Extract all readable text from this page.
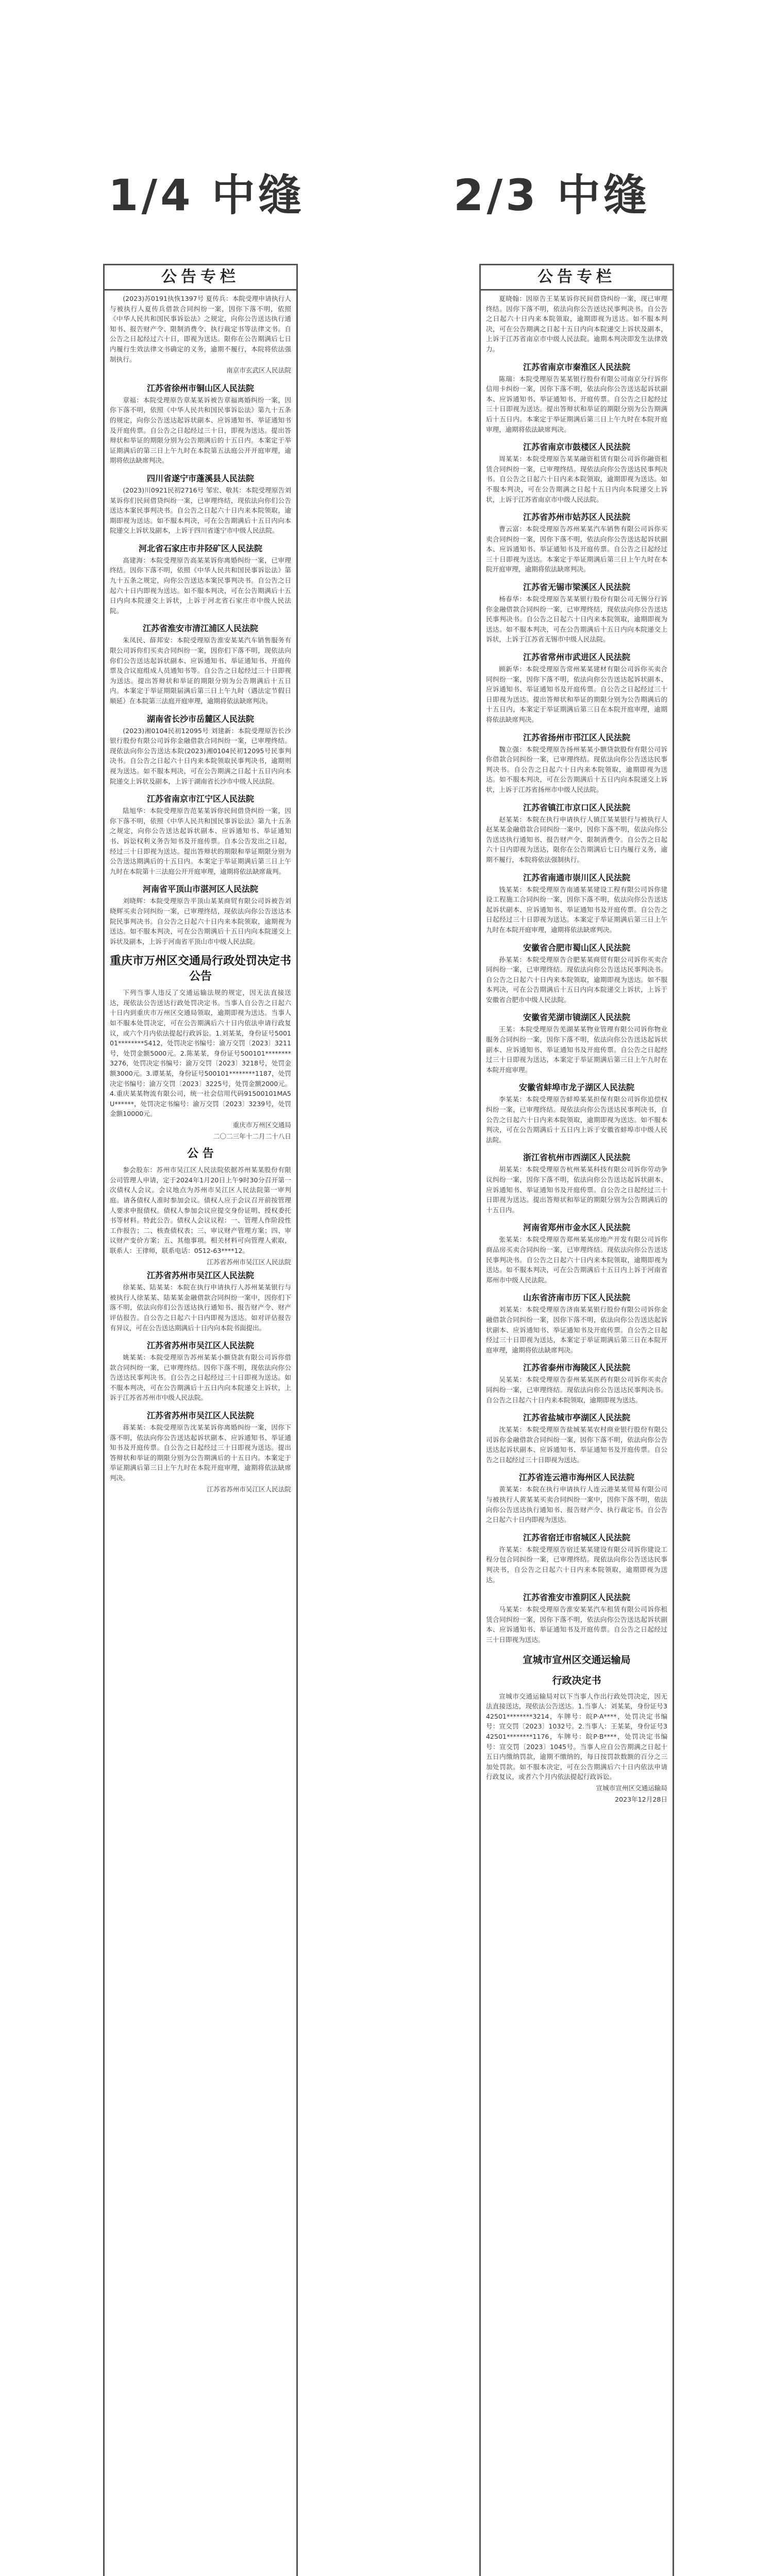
1/4 中缝	2/3 中缝
公告专栏

(2023)苏0191执恢1397号 夏传兵：本院受理申请执行人与被执行人夏传兵借款合同纠纷一案，因你下落不明，依照《中华人民共和国民事诉讼法》之规定，向你公告送达执行通知书、报告财产令、限制消费令、执行裁定书等法律文书。自公告之日起经过六十日，即视为送达。限你在公告期满后七日内履行生效法律文书确定的义务，逾期不履行，本院将依法强制执行。

南京市玄武区人民法院
江苏省徐州市铜山区人民法院

章福：本院受理原告章某某诉被告章福离婚纠纷一案，因你下落不明，依照《中华人民共和国民事诉讼法》第九十五条的规定，向你公告送达起诉状副本、应诉通知书、举证通知书及开庭传票。自公告之日起经过三十日，即视为送达。提出答辩状和举证的期限分别为公告期满后的十五日内。本案定于举证期满后的第三日上午九时在本院第五法庭公开开庭审理，逾期将依法缺席判决。

四川省遂宁市蓬溪县人民法院

(2023)川0921民初2716号 邹宏、敬其：本院受理原告刘某诉你们民间借贷纠纷一案，已审理终结，现依法向你们公告送达本案民事判决书。自公告之日起六十日内来本院领取，逾期即视为送达。如不服本判决，可在公告期满后十五日内向本院递交上诉状及副本，上诉于四川省遂宁市中级人民法院。

河北省石家庄市井陉矿区人民法院

高建海：本院受理原告高某某诉你离婚纠纷一案，已审理终结。因你下落不明，依照《中华人民共和国民事诉讼法》第九十五条之规定，向你公告送达本案民事判决书。自公告之日起六十日内即视为送达。如不服本判决，可在公告期满后十五日内向本院递交上诉状，上诉于河北省石家庄市中级人民法院。

江苏省淮安市清江浦区人民法院

朱凤民、薛邦安：本院受理原告淮安某某汽车销售服务有限公司诉你们买卖合同纠纷一案，因你们下落不明，现依法向你们公告送达起诉状副本、应诉通知书、举证通知书、开庭传票及合议庭组成人员通知书等。自公告之日起经过三十日即视为送达。提出答辩状和举证的期限分别为公告期满后十五日内。本案定于举证期限届满后第三日上午九时（遇法定节假日顺延）在本院第三法庭开庭审理，逾期将依法缺席判决。

湖南省长沙市岳麓区人民法院

(2023)湘0104民初12095号 刘建新：本院受理原告长沙银行股份有限公司诉你金融借款合同纠纷一案，已审理终结。现依法向你公告送达本院(2023)湘0104民初12095号民事判决书。自公告之日起六十日内来本院领取民事判决书，逾期则视为送达。如不服本判决，可在公告期满之日起十五日内向本院递交上诉状及副本，上诉于湖南省长沙市中级人民法院。

江苏省南京市江宁区人民法院

陆旭华：本院受理原告范某某诉你民间借贷纠纷一案，因你下落不明，依照《中华人民共和国民事诉讼法》第九十五条之规定，向你公告送达起诉状副本、应诉通知书、举证通知书、诉讼权利义务告知书及开庭传票。自本公告发出之日起，经过三十日即视为送达。提出答辩状的期限和举证期限分别为公告送达期满后的十五日内。本案定于举证期满后第三日上午九时在本院第十三法庭公开开庭审理，逾期将依法缺席裁判。

河南省平顶山市湛河区人民法院

刘晓辉：本院受理原告平顶山某某商贸有限公司诉被告刘晓辉买卖合同纠纷一案，已审理终结，现依法向你公告送达本院民事判决书。自公告之日起六十日内来本院领取，逾期视为送达。如不服本判决，可在公告期满后十五日内向本院递交上诉状及副本，上诉于河南省平顶山市中级人民法院。

重庆市万州区交通局行政处罚决定书公告

下列当事人违反了交通运输法规的规定，因无法直接送达，现依法公告送达行政处罚决定书。当事人自公告之日起六十日内到重庆市万州区交通局领取，逾期即视为送达。当事人如不服本处罚决定，可在公告期满后六十日内依法申请行政复议，或六个月内依法提起行政诉讼。1.刘某某，身份证号500101********5412，处罚决定书编号：渝万交罚〔2023〕3211号，处罚金额5000元。2.陈某某，身份证号500101********3276，处罚决定书编号：渝万交罚〔2023〕3218号，处罚金额3000元。3.谭某某，身份证号500101********1187，处罚决定书编号：渝万交罚〔2023〕3225号，处罚金额2000元。4.重庆某某物流有限公司，统一社会信用代码91500101MA5U******，处罚决定书编号：渝万交罚〔2023〕3239号，处罚金额10000元。

重庆市万州区交通局
二〇二三年十二月二十八日
公 告

参会股东：苏州市吴江区人民法院依据苏州某某股份有限公司管理人申请，定于2024年1月20日上午9时30分召开第一次债权人会议。会议地点为苏州市吴江区人民法院第一审判庭。请各债权人准时参加会议。债权人应于会议召开前按管理人要求申报债权。债权人参加会议应提交身份证明、授权委托书等材料。特此公告。债权人会议议程：一、管理人作阶段性工作报告；二、核查债权表；三、审议财产管理方案；四、审议财产变价方案；五、其他事项。相关材料可向管理人索取，联系人：王律师，联系电话：0512-63****12。

江苏省苏州市吴江区人民法院
江苏省苏州市吴江区人民法院

徐某某、陆某某：本院在执行申请执行人苏州某某银行与被执行人徐某某、陆某某金融借款合同纠纷一案中，因你们下落不明，依法向你们公告送达执行通知书、报告财产令、财产评估报告。自公告之日起六十日内即视为送达。如对评估报告有异议，可在公告送达期满后十日内向本院书面提出。

江苏省苏州市吴江区人民法院

姚某某：本院受理原告苏州某某小额贷款有限公司诉你借款合同纠纷一案，已审理终结。因你下落不明，现依法向你公告送达民事判决书。自公告之日起经过三十日即视为送达。如不服本判决，可在公告期满后十五日内向本院递交上诉状，上诉于江苏省苏州市中级人民法院。

江苏省苏州市吴江区人民法院

蒋某某：本院受理原告沈某某诉你离婚纠纷一案，因你下落不明，依法向你公告送达起诉状副本、应诉通知书、举证通知书及开庭传票。自公告之日起经过三十日即视为送达。提出答辩状和举证的期限分别为公告期满后的十五日内。本案定于举证期满后第三日上午九时在本院开庭审理，逾期将依法缺席判决。

江苏省苏州市吴江区人民法院
公告专栏

夏晓翰：因原告王某某诉你民间借贷纠纷一案，现已审理终结。因你下落不明，依法向你公告送达民事判决书。自公告之日起六十日内来本院领取，逾期即视为送达。如不服本判决，可在公告期满之日起十五日内向本院递交上诉状及副本，上诉于江苏省南京市中级人民法院。逾期本判决即发生法律效力。

江苏省南京市秦淮区人民法院

陈瑞：本院受理原告某某银行股份有限公司南京分行诉你信用卡纠纷一案，因你下落不明，依法向你公告送达起诉状副本、应诉通知书、举证通知书、开庭传票。自公告之日起经过三十日即视为送达。提出答辩状和举证的期限分别为公告期满后十五日内。本案定于举证期满后第三日上午九时在本院开庭审理，逾期将依法缺席判决。

江苏省南京市鼓楼区人民法院

周某某：本院受理原告某某融资租赁有限公司诉你融资租赁合同纠纷一案，已审理终结。现依法向你公告送达民事判决书。自公告之日起六十日内来本院领取，逾期即视为送达。如不服本判决，可在公告期满之日起十五日内向本院递交上诉状，上诉于江苏省南京市中级人民法院。

江苏省苏州市姑苏区人民法院

曹云富：本院受理原告苏州某某汽车销售有限公司诉你买卖合同纠纷一案，因你下落不明，依法向你公告送达起诉状副本、应诉通知书、举证通知书及开庭传票。自公告之日起经过三十日即视为送达。本案定于举证期满后第三日上午九时在本院开庭审理，逾期将依法缺席判决。

江苏省无锡市梁溪区人民法院

杨春华：本院受理原告某某银行股份有限公司无锡分行诉你金融借款合同纠纷一案，已审理终结，现依法向你公告送达民事判决书。自公告之日起六十日内来本院领取，逾期即视为送达。如不服本判决，可在公告期满后十五日内向本院递交上诉状，上诉于江苏省无锡市中级人民法院。

江苏省常州市武进区人民法院

顾新华：本院受理原告常州某某建材有限公司诉你买卖合同纠纷一案，因你下落不明，依法向你公告送达起诉状副本、应诉通知书、举证通知书及开庭传票。自公告之日起经过三十日即视为送达。提出答辩状和举证的期限分别为公告期满后的十五日内，本案定于举证期满后第三日在本院开庭审理，逾期将依法缺席判决。

江苏省扬州市邗江区人民法院

魏立强：本院受理原告扬州某某小额贷款股份有限公司诉你借款合同纠纷一案，已审理终结。现依法向你公告送达民事判决书。自公告之日起六十日内来本院领取，逾期即视为送达。如不服本判决，可在公告期满后十五日内向本院递交上诉状，上诉于江苏省扬州市中级人民法院。

江苏省镇江市京口区人民法院

赵某某：本院在执行申请执行人镇江某某银行与被执行人赵某某金融借款合同纠纷一案中，因你下落不明，依法向你公告送达执行通知书、报告财产令、限制消费令。自公告之日起六十日内即视为送达，限你在公告期满后七日内履行义务，逾期不履行，本院将依法强制执行。

江苏省南通市崇川区人民法院

钱某某：本院受理原告南通某某建设工程有限公司诉你建设工程施工合同纠纷一案，因你下落不明，依法向你公告送达起诉状副本、应诉通知书、举证通知书及开庭传票。自公告之日起经过三十日即视为送达。本案定于举证期满后第三日上午九时在本院开庭审理，逾期将依法缺席判决。

安徽省合肥市蜀山区人民法院

孙某某：本院受理原告合肥某某商贸有限公司诉你买卖合同纠纷一案，已审理终结。现依法向你公告送达民事判决书。自公告之日起六十日内来本院领取，逾期即视为送达。如不服本判决，可在公告期满后十五日内向本院递交上诉状，上诉于安徽省合肥市中级人民法院。

安徽省芜湖市镜湖区人民法院

王某：本院受理原告芜湖某某物业管理有限公司诉你物业服务合同纠纷一案，因你下落不明，依法向你公告送达起诉状副本、应诉通知书、举证通知书及开庭传票。自公告之日起经过三十日即视为送达，本案定于举证期满后第三日上午九时在本院开庭审理。

安徽省蚌埠市龙子湖区人民法院

李某某：本院受理原告蚌埠某某担保有限公司诉你追偿权纠纷一案，已审理终结。现依法向你公告送达民事判决书，自公告之日起六十日内来本院领取，逾期即视为送达。如不服本判决，可在公告期满后十五日内上诉于安徽省蚌埠市中级人民法院。

浙江省杭州市西湖区人民法院

胡某某：本院受理原告杭州某某科技有限公司诉你劳动争议纠纷一案，因你下落不明，依法向你公告送达起诉状副本、应诉通知书、举证通知书及开庭传票。自公告之日起经过三十日即视为送达。提出答辩状和举证的期限分别为公告期满后的十五日内。

河南省郑州市金水区人民法院

张某某：本院受理原告郑州某某房地产开发有限公司诉你商品房买卖合同纠纷一案，已审理终结。现依法向你公告送达民事判决书。自公告之日起六十日内来本院领取，逾期即视为送达。如不服本判决，可在公告期满后十五日内上诉于河南省郑州市中级人民法院。

山东省济南市历下区人民法院

刘某某：本院受理原告济南某某银行股份有限公司诉你金融借款合同纠纷一案，因你下落不明，依法向你公告送达起诉状副本、应诉通知书、举证通知书及开庭传票。自公告之日起经过三十日即视为送达，本案定于举证期满后第三日在本院开庭审理，逾期将依法缺席判决。

江苏省泰州市海陵区人民法院

吴某某：本院受理原告泰州某某医药有限公司诉你买卖合同纠纷一案，已审理终结。现依法向你公告送达民事判决书。自公告之日起六十日内来本院领取，逾期即视为送达。

江苏省盐城市亭湖区人民法院

沈某某：本院受理原告盐城某某农村商业银行股份有限公司诉你金融借款合同纠纷一案，因你下落不明，依法向你公告送达起诉状副本、应诉通知书、举证通知书及开庭传票。自公告之日起经过三十日即视为送达。

江苏省连云港市海州区人民法院

黄某某：本院在执行申请执行人连云港某某贸易有限公司与被执行人黄某某买卖合同纠纷一案中，因你下落不明，依法向你公告送达执行通知书、报告财产令、执行裁定书。自公告之日起六十日内即视为送达。

江苏省宿迁市宿城区人民法院

许某某：本院受理原告宿迁某某建设有限公司诉你建设工程分包合同纠纷一案，已审理终结。现依法向你公告送达民事判决书，自公告之日起六十日内来本院领取，逾期即视为送达。

江苏省淮安市淮阴区人民法院

马某某：本院受理原告淮安某某汽车租赁有限公司诉你租赁合同纠纷一案，因你下落不明，依法向你公告送达起诉状副本、应诉通知书、举证通知书及开庭传票。自公告之日起经过三十日即视为送达。

宣城市宣州区交通运输局
行政决定书

宣城市交通运输局对以下当事人作出行政处罚决定，因无法直接送达，现依法公告送达。1.当事人：刘某某，身份证号342501********3214，车牌号：皖P·A****，处罚决定书编号：宣交罚〔2023〕1032号。2.当事人：王某某，身份证号342501********1176，车牌号：皖P·B****，处罚决定书编号：宣交罚〔2023〕1045号。当事人应自公告期满之日起十五日内缴纳罚款，逾期不缴纳的，每日按罚款数额的百分之三加处罚款。如不服本决定，可在公告期满后六十日内依法申请行政复议，或者六个月内依法提起行政诉讼。

宣城市宣州区交通运输局
2023年12月28日
